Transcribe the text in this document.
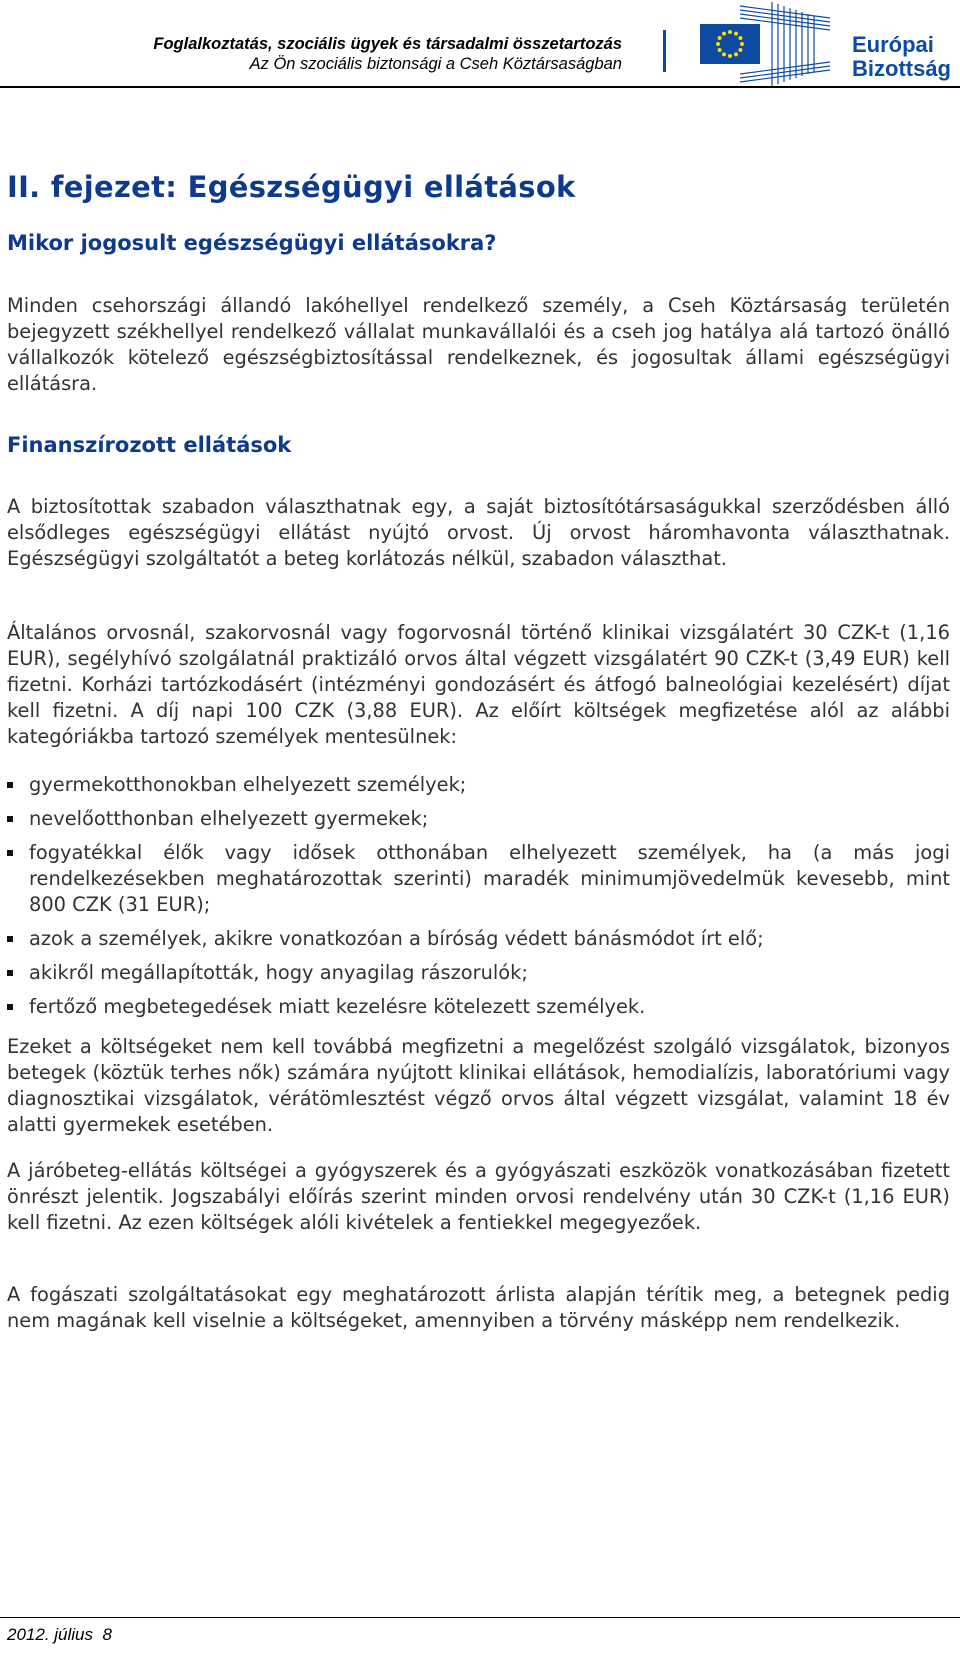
Foglalkoztatás, szociális ügyek és társadalmi összetartozás
Az Ön szociális biztonsági a Cseh Köztársaságban
Európai
Bizottság
II. fejezet: Egészségügyi ellátások
Mikor jogosult egészségügyi ellátásokra?

Minden csehországi állandó lakóhellyel rendelkező személy, a Cseh Köztársaság területén bejegyzett székhellyel rendelkező vállalat munkavállalói és a cseh jog hatálya alá tartozó önálló vállalkozók kötelező egészségbiztosítással rendelkeznek, és jogosultak állami egészségügyi ellátásra.

Finanszírozott ellátások

A biztosítottak szabadon választhatnak egy, a saját biztosítótársaságukkal szerződésben álló elsődleges egészségügyi ellátást nyújtó orvost. Új orvost háromhavonta választhatnak. Egészségügyi szolgáltatót a beteg korlátozás nélkül, szabadon választhat.

Általános orvosnál, szakorvosnál vagy fogorvosnál történő klinikai vizsgálatért 30 CZK-t (1,16 EUR), segélyhívó szolgálatnál praktizáló orvos által végzett vizsgálatért 90 CZK-t (3,49 EUR) kell fizetni. Korházi tartózkodásért (intézményi gondozásért és átfogó balneológiai kezelésért) díjat kell fizetni. A díj napi 100 CZK (3,88 EUR). Az előírt költségek megfizetése alól az alábbi kategóriákba tartozó személyek mentesülnek:

gyermekotthonokban elhelyezett személyek;
nevelőotthonban elhelyezett gyermekek;
fogyatékkal élők vagy idősek otthonában elhelyezett személyek, ha (a más jogi rendelkezésekben meghatározottak szerinti) maradék minimumjövedelmük kevesebb, mint 800 CZK (31 EUR);
azok a személyek, akikre vonatkozóan a bíróság védett bánásmódot írt elő;
akikről megállapították, hogy anyagilag rászorulók;
fertőző megbetegedések miatt kezelésre kötelezett személyek.

Ezeket a költségeket nem kell továbbá megfizetni a megelőzést szolgáló vizsgálatok, bizonyos betegek (köztük terhes nők) számára nyújtott klinikai ellátások, hemodialízis, laboratóriumi vagy diagnosztikai vizsgálatok, vérátömlesztést végző orvos által végzett vizsgálat, valamint 18 év alatti gyermekek esetében.

A járóbeteg-ellátás költségei a gyógyszerek és a gyógyászati eszközök vonatkozásában fizetett önrészt jelentik. Jogszabályi előírás szerint minden orvosi rendelvény után 30 CZK-t (1,16 EUR) kell fizetni. Az ezen költségek alóli kivételek a fentiekkel megegyezőek.

A fogászati szolgáltatásokat egy meghatározott árlista alapján térítik meg, a betegnek pedig nem magának kell viselnie a költségeket, amennyiben a törvény másképp nem rendelkezik.

2012. július  8
